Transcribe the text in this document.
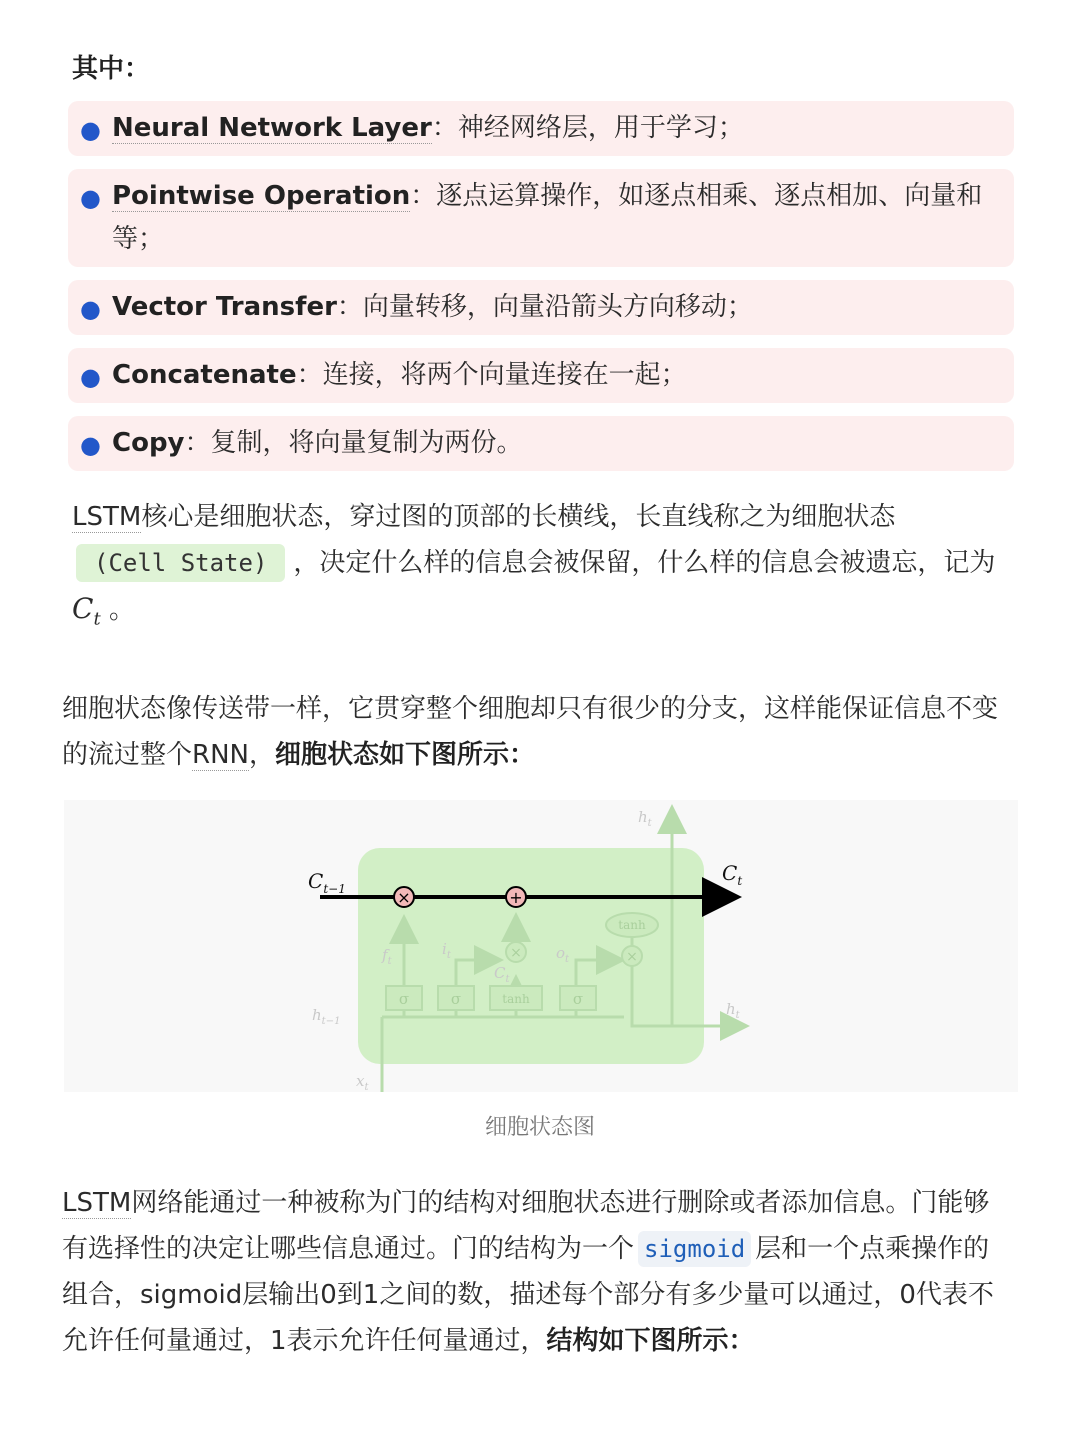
其中：
● Neural Network Layer：神经网络层，用于学习；
● Pointwise Operation：逐点运算操作，如逐点相乘、逐点相加、向量和等；
● Vector Transfer：向量转移，向量沿箭头方向移动；
● Concatenate：连接，将两个向量连接在一起；
● Copy：复制，将向量复制为两份。
LSTM核心是细胞状态，穿过图的顶部的长横线，长直线称之为细胞状态(Cell State) ，决定什么样的信息会被保留，什么样的信息会被遗忘，记为 $C_t$ 。
细胞状态像传送带一样，它贯穿整个细胞却只有很少的分支，这样能保证信息不变的流过整个RNN，细胞状态如下图所示：
σ	σ	tanh	σ
tanh
×	×
$f_t$
$i_t$
$C_t$
$o_t$
$h_{t-1}$
$h_t$
$h_t$
$x_t$
×	+
$C_{t-1}$
$C_t$
细胞状态图
LSTM网络能通过一种被称为门的结构对细胞状态进行删除或者添加信息。门能够有选择性的决定让哪些信息通过。门的结构为一个 sigmoid 层和一个点乘操作的组合，sigmoid层输出0到1之间的数，描述每个部分有多少量可以通过，0代表不允许任何量通过，1表示允许任何量通过，结构如下图所示：
